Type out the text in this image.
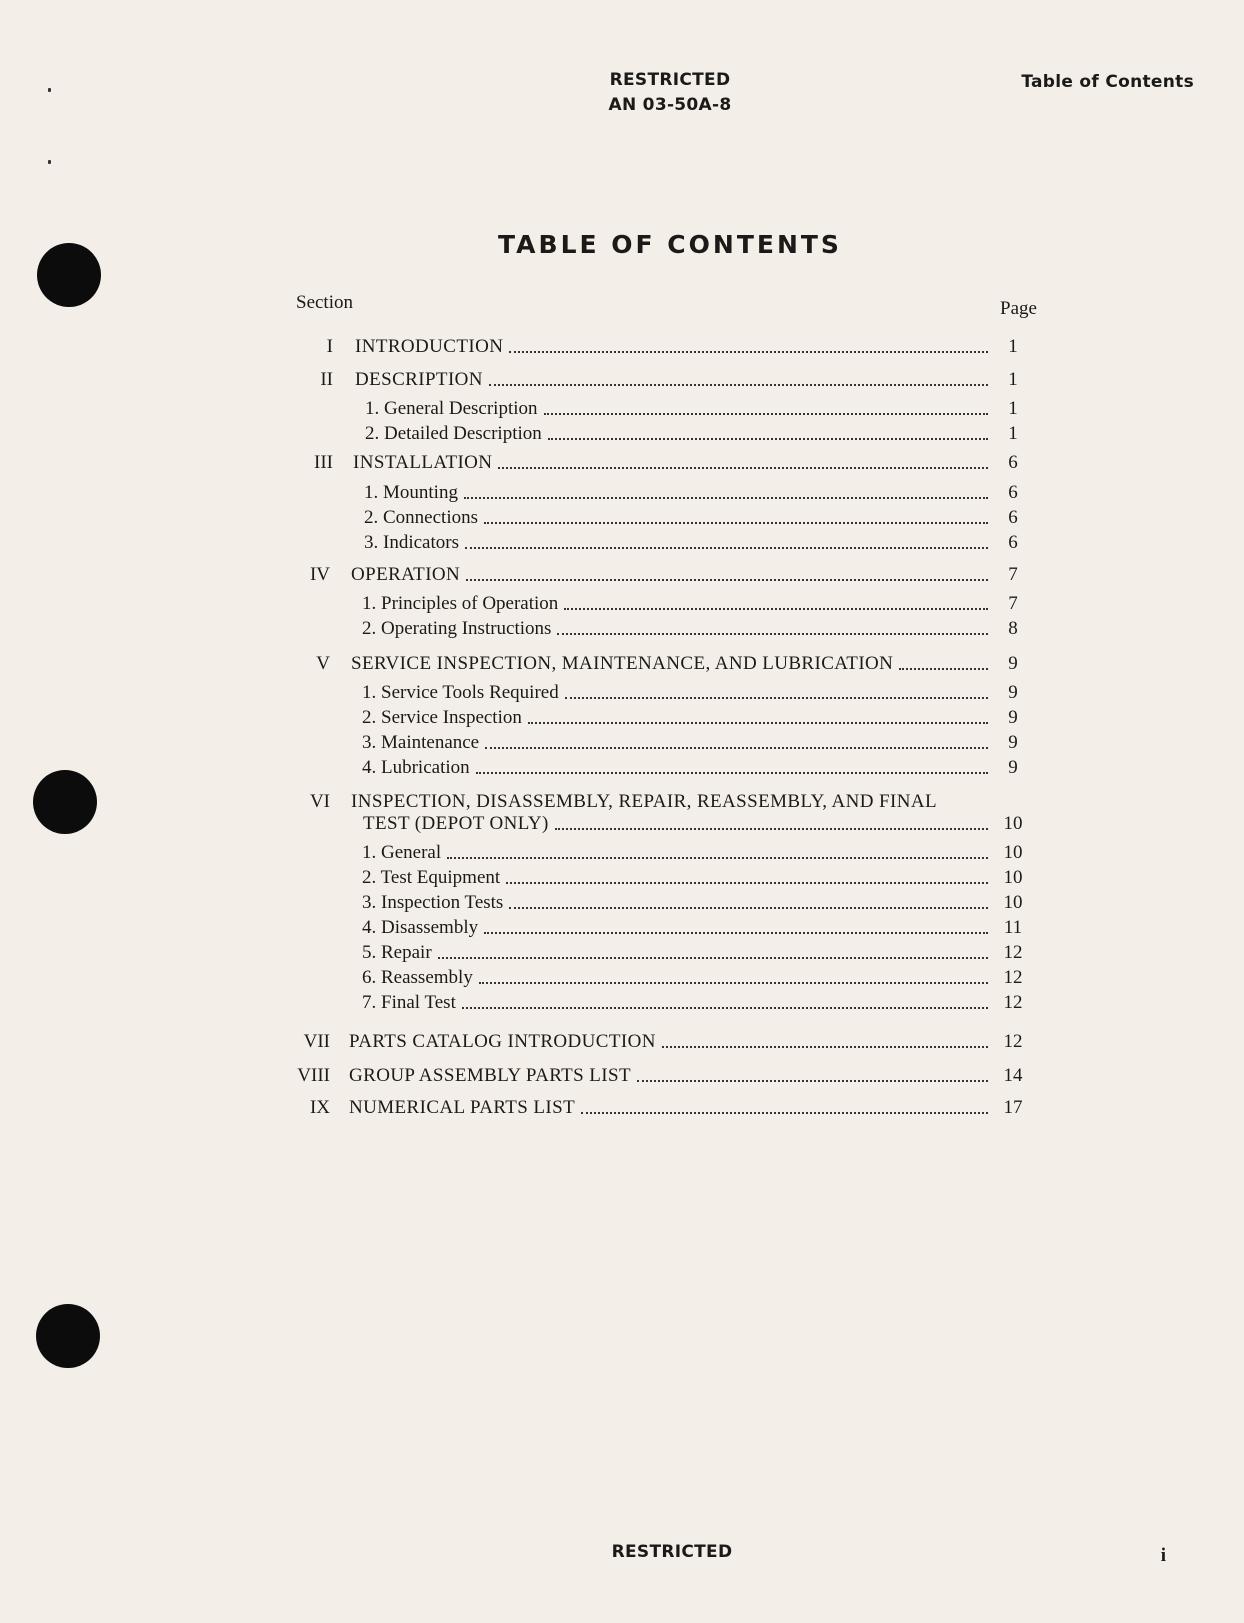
RESTRICTED
AN 03-50A-8
Table of Contents
TABLE OF CONTENTS
Section	Page
I INTRODUCTION	1
II DESCRIPTION	1
1. General Description	1
2. Detailed Description	1
III INSTALLATION	6
1. Mounting	6
2. Connections	6
3. Indicators	6
IV OPERATION	7
1. Principles of Operation	7
2. Operating Instructions	8
V SERVICE INSPECTION, MAINTENANCE, AND LUBRICATION	9
1. Service Tools Required	9
2. Service Inspection	9
3. Maintenance	9
4. Lubrication	9
VI INSPECTION, DISASSEMBLY, REPAIR, REASSEMBLY, AND FINAL
TEST (DEPOT ONLY)	10
1. General	10
2. Test Equipment	10
3. Inspection Tests	10
4. Disassembly	11
5. Repair	12
6. Reassembly	12
7. Final Test	12
VII PARTS CATALOG INTRODUCTION	12
VIII GROUP ASSEMBLY PARTS LIST	14
IX NUMERICAL PARTS LIST	17
RESTRICTED	i
